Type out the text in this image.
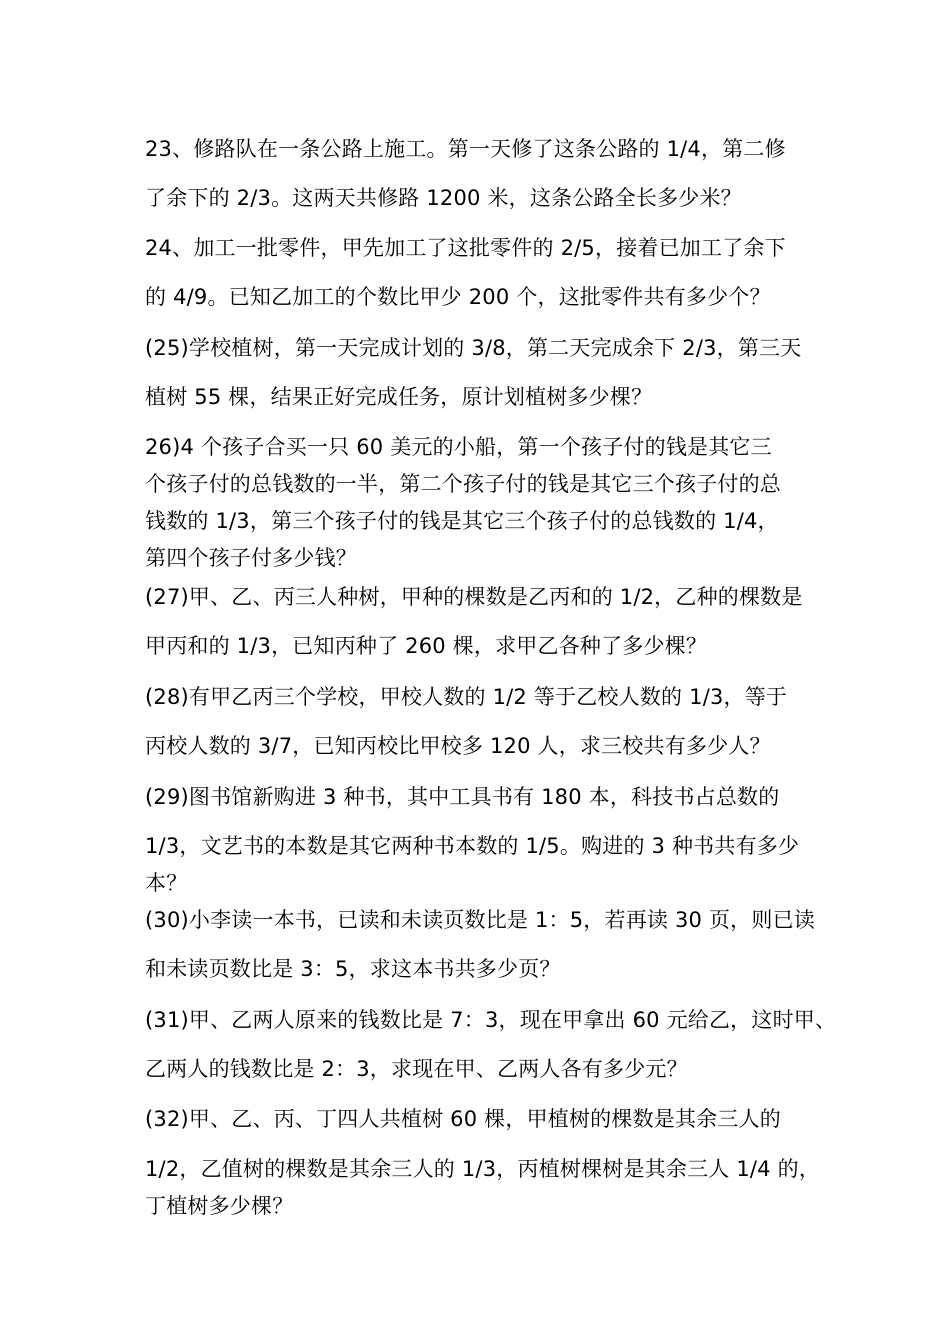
23、修路队在一条公路上施工。第一天修了这条公路的 1/4，第二修
了余下的 2/3。这两天共修路 1200 米，这条公路全长多少米？
24、加工一批零件，甲先加工了这批零件的 2/5，接着已加工了余下
的 4/9。已知乙加工的个数比甲少 200 个，这批零件共有多少个？
(25)学校植树，第一天完成计划的 3/8，第二天完成余下 2/3，第三天
植树 55 棵，结果正好完成任务，原计划植树多少棵？
26)4 个孩子合买一只 60 美元的小船，第一个孩子付的钱是其它三
个孩子付的总钱数的一半，第二个孩子付的钱是其它三个孩子付的总
钱数的 1/3，第三个孩子付的钱是其它三个孩子付的总钱数的 1/4，
第四个孩子付多少钱？
(27)甲、乙、丙三人种树，甲种的棵数是乙丙和的 1/2，乙种的棵数是
甲丙和的 1/3，已知丙种了 260 棵，求甲乙各种了多少棵？
(28)有甲乙丙三个学校，甲校人数的 1/2 等于乙校人数的 1/3，等于
丙校人数的 3/7，已知丙校比甲校多 120 人，求三校共有多少人？
(29)图书馆新购进 3 种书，其中工具书有 180 本，科技书占总数的
1/3，文艺书的本数是其它两种书本数的 1/5。购进的 3 种书共有多少
本？
(30)小李读一本书，已读和未读页数比是 1：5，若再读 30 页，则已读
和未读页数比是 3：5，求这本书共多少页？
(31)甲、乙两人原来的钱数比是 7：3，现在甲拿出 60 元给乙，这时甲、
乙两人的钱数比是 2：3，求现在甲、乙两人各有多少元？
(32)甲、乙、丙、丁四人共植树 60 棵，甲植树的棵数是其余三人的
1/2，乙值树的棵数是其余三人的 1/3，丙植树棵树是其余三人 1/4 的，
丁植树多少棵？
